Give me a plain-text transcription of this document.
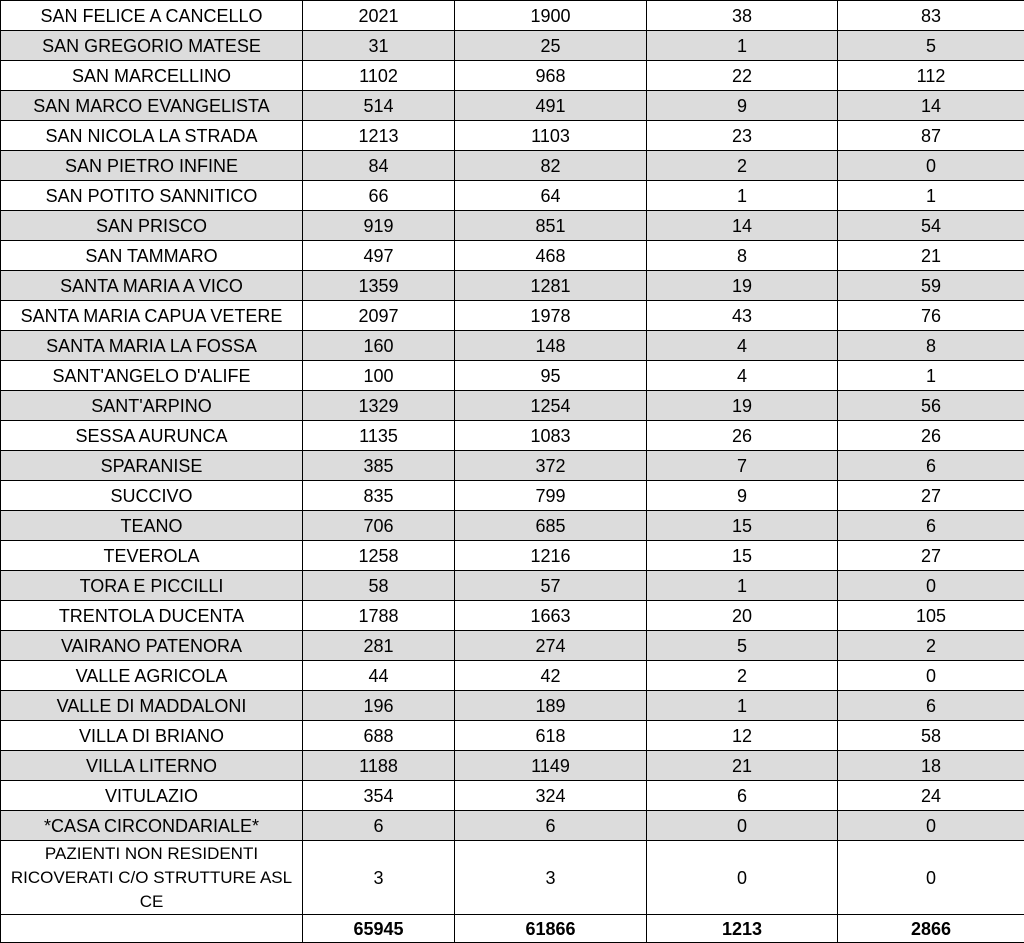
SAN FELICE A CANCELLO	2021	1900	38	83
SAN GREGORIO MATESE	31	25	1	5
SAN MARCELLINO	1102	968	22	112
SAN MARCO EVANGELISTA	514	491	9	14
SAN NICOLA LA STRADA	1213	1103	23	87
SAN PIETRO INFINE	84	82	2	0
SAN POTITO SANNITICO	66	64	1	1
SAN PRISCO	919	851	14	54
SAN TAMMARO	497	468	8	21
SANTA MARIA A VICO	1359	1281	19	59
SANTA MARIA CAPUA VETERE	2097	1978	43	76
SANTA MARIA LA FOSSA	160	148	4	8
SANT'ANGELO D'ALIFE	100	95	4	1
SANT'ARPINO	1329	1254	19	56
SESSA AURUNCA	1135	1083	26	26
SPARANISE	385	372	7	6
SUCCIVO	835	799	9	27
TEANO	706	685	15	6
TEVEROLA	1258	1216	15	27
TORA E PICCILLI	58	57	1	0
TRENTOLA DUCENTA	1788	1663	20	105
VAIRANO PATENORA	281	274	5	2
VALLE AGRICOLA	44	42	2	0
VALLE DI MADDALONI	196	189	1	6
VILLA DI BRIANO	688	618	12	58
VILLA LITERNO	1188	1149	21	18
VITULAZIO	354	324	6	24
*CASA CIRCONDARIALE*	6	6	0	0
PAZIENTI NON RESIDENTI RICOVERATI C/O STRUTTURE ASL CE	3	3	0	0
	65945	61866	1213	2866
